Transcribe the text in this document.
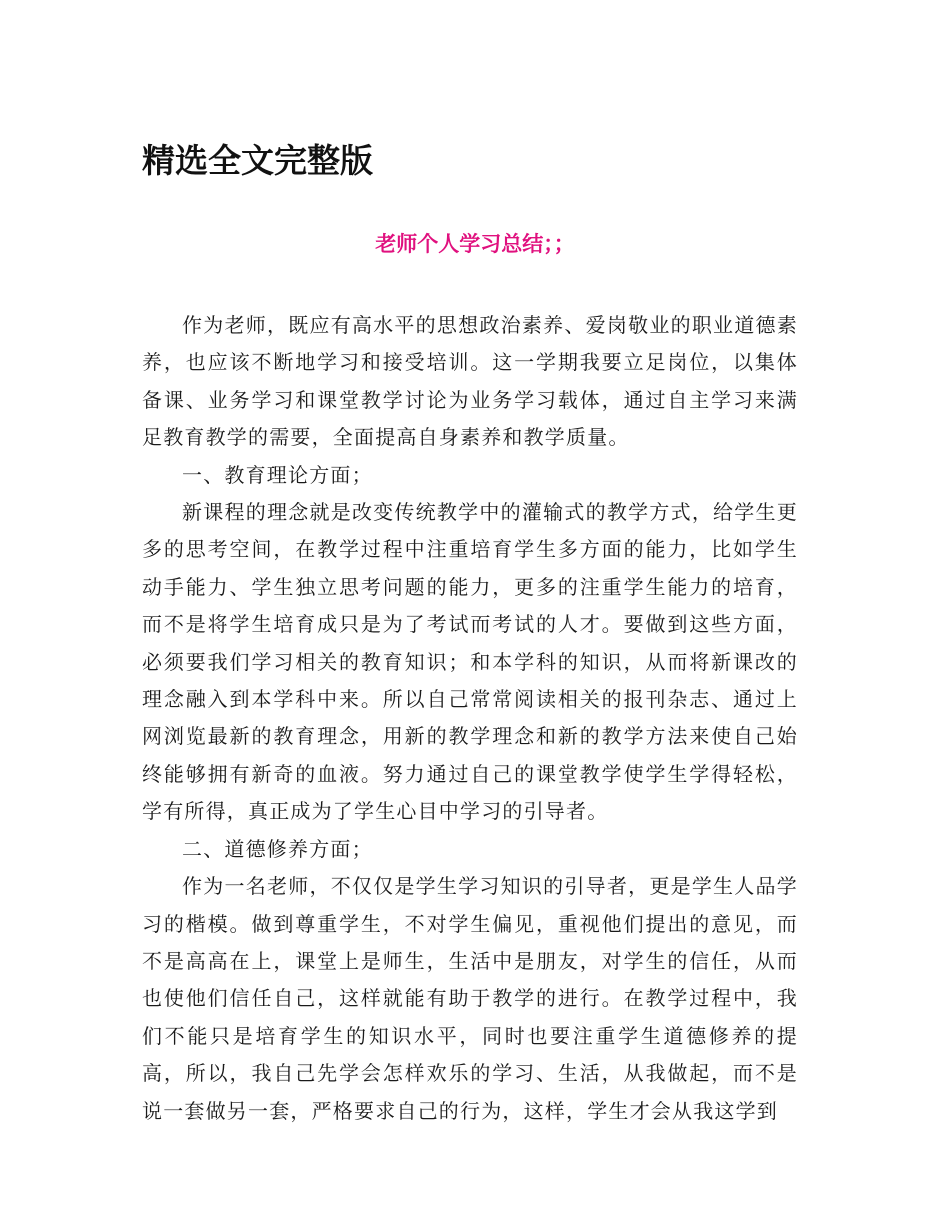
精选全文完整版
老师个人学习总结；；

作为老师，既应有高水平的思想政治素养、爱岗敬业的职业道德素养，也应该不断地学习和接受培训。这一学期我要立足岗位，以集体备课、业务学习和课堂教学讨论为业务学习载体，通过自主学习来满足教育教学的需要，全面提高自身素养和教学质量。

一、教育理论方面；

新课程的理念就是改变传统教学中的灌输式的教学方式，给学生更多的思考空间，在教学过程中注重培育学生多方面的能力，比如学生动手能力、学生独立思考问题的能力，更多的注重学生能力的培育，而不是将学生培育成只是为了考试而考试的人才。要做到这些方面，必须要我们学习相关的教育知识；和本学科的知识，从而将新课改的理念融入到本学科中来。所以自己常常阅读相关的报刊杂志、通过上网浏览最新的教育理念，用新的教学理念和新的教学方法来使自己始终能够拥有新奇的血液。努力通过自己的课堂教学使学生学得轻松，学有所得，真正成为了学生心目中学习的引导者。

二、道德修养方面；

作为一名老师，不仅仅是学生学习知识的引导者，更是学生人品学习的楷模。做到尊重学生，不对学生偏见，重视他们提出的意见，而不是高高在上，课堂上是师生，生活中是朋友，对学生的信任，从而也使他们信任自己，这样就能有助于教学的进行。在教学过程中，我们不能只是培育学生的知识水平，同时也要注重学生道德修养的提高，所以，我自己先学会怎样欢乐的学习、生活，从我做起，而不是说一套做另一套，严格要求自己的行为，这样，学生才会从我这学到
